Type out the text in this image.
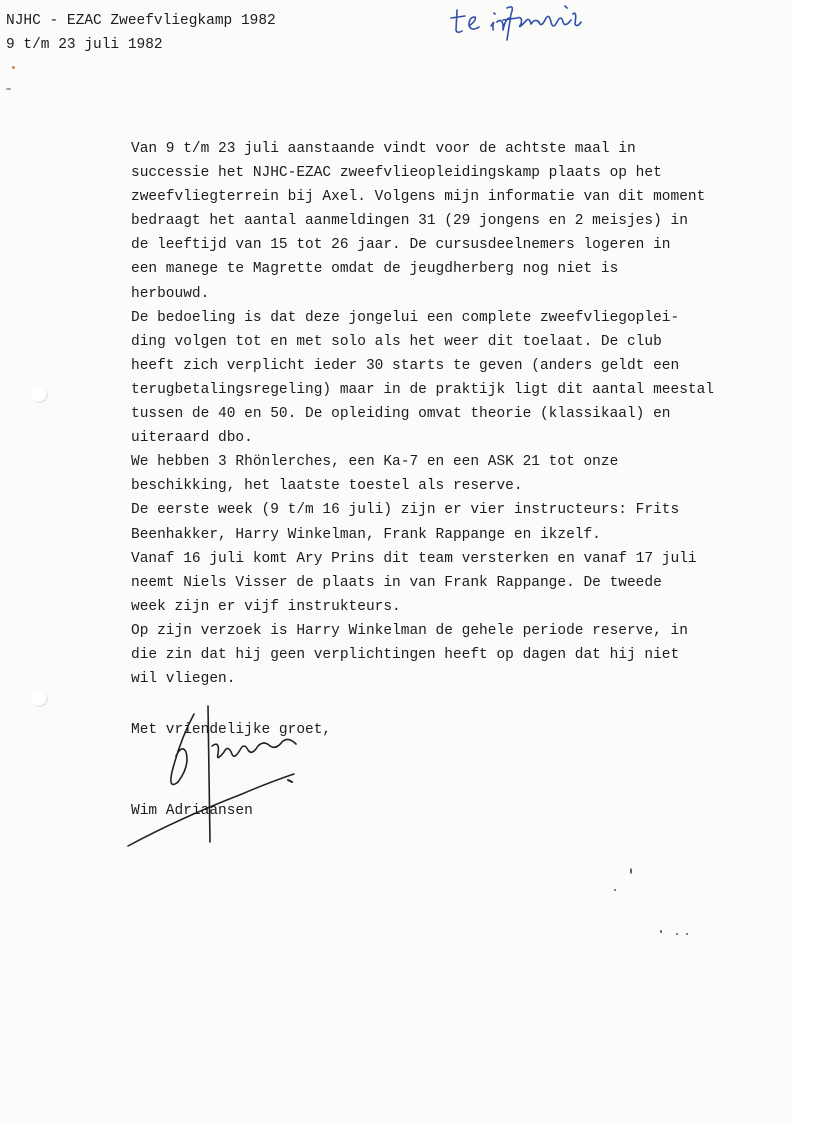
NJHC - EZAC Zweefvliegkamp 1982
9 t/m 23 juli 1982

Van 9 t/m 23 juli aanstaande vindt voor de achtste maal in

successie het NJHC-EZAC zweefvlieopleidingskamp plaats op het

zweefvliegterrein bij Axel. Volgens mijn informatie van dit moment

bedraagt het aantal aanmeldingen 31 (29 jongens en 2 meisjes) in

de leeftijd van 15 tot 26 jaar. De cursusdeelnemers logeren in

een manege te Magrette omdat de jeugdherberg nog niet is

herbouwd.

De bedoeling is dat deze jongelui een complete zweefvliegoplei-

ding volgen tot en met solo als het weer dit toelaat. De club

heeft zich verplicht ieder 30 starts te geven (anders geldt een

terugbetalingsregeling) maar in de praktijk ligt dit aantal meestal

tussen de 40 en 50. De opleiding omvat theorie (klassikaal) en

uiteraard dbo.

We hebben 3 Rhönlerches, een Ka-7 en een ASK 21 tot onze

beschikking, het laatste toestel als reserve.

De eerste week (9 t/m 16 juli) zijn er vier instructeurs: Frits

Beenhakker, Harry Winkelman, Frank Rappange en ikzelf.

Vanaf 16 juli komt Ary Prins dit team versterken en vanaf 17 juli

neemt Niels Visser de plaats in van Frank Rappange. De tweede

week zijn er vijf instrukteurs.

Op zijn verzoek is Harry Winkelman de gehele periode reserve, in

die zin dat hij geen verplichtingen heeft op dagen dat hij niet

wil vliegen.

Met vriendelijke groet,
Wim Adriaansen
